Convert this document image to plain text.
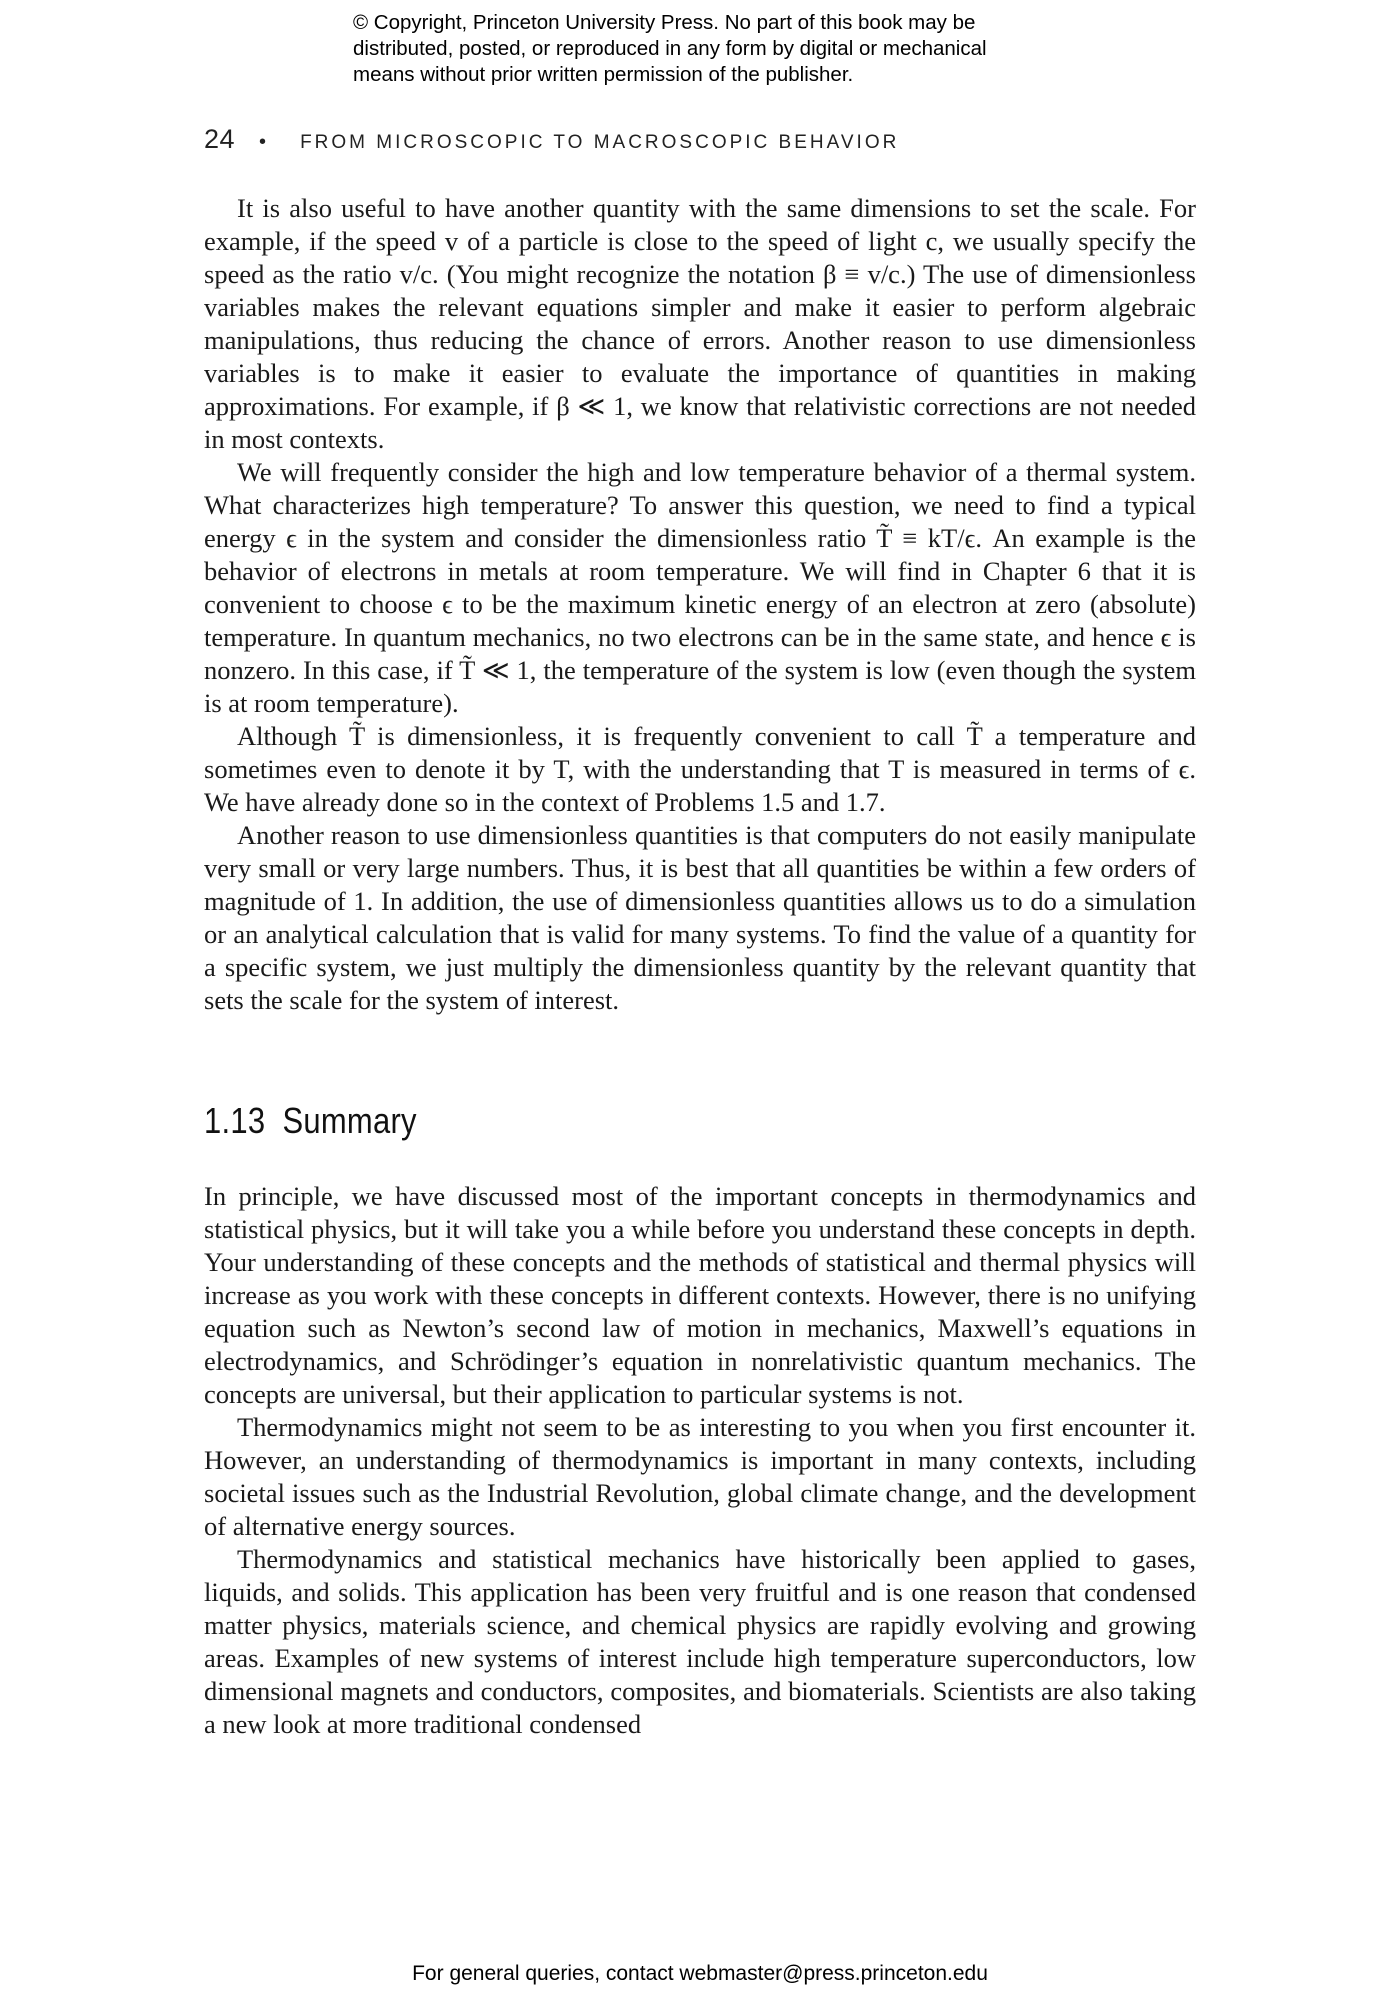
© Copyright, Princeton University Press. No part of this book may be
distributed, posted, or reproduced in any form by digital or mechanical
means without prior written permission of the publisher.
24 • FROM MICROSCOPIC TO MACROSCOPIC BEHAVIOR

It is also useful to have another quantity with the same dimensions to set the scale. For example, if the speed v of a particle is close to the speed of light c, we usually specify the speed as the ratio v/c. (You might recognize the notation β ≡ v/c.) The use of dimensionless variables makes the relevant equations simpler and make it easier to perform algebraic manipulations, thus reducing the chance of errors. Another reason to use dimensionless variables is to make it easier to evaluate the importance of quantities in making approximations. For example, if β ≪ 1, we know that relativistic corrections are not needed in most contexts.

We will frequently consider the high and low temperature behavior of a thermal system. What characterizes high temperature? To answer this question, we need to find a typical energy ϵ in the system and consider the dimensionless ratio T̃ ≡ kT/ϵ. An example is the behavior of electrons in metals at room temperature. We will find in Chapter 6 that it is convenient to choose ϵ to be the maximum kinetic energy of an electron at zero (absolute) temperature. In quantum mechanics, no two electrons can be in the same state, and hence ϵ is nonzero. In this case, if T̃ ≪ 1, the temperature of the system is low (even though the system is at room temperature).

Although T̃ is dimensionless, it is frequently convenient to call T̃ a temperature and sometimes even to denote it by T, with the understanding that T is measured in terms of ϵ. We have already done so in the context of Problems 1.5 and 1.7.

Another reason to use dimensionless quantities is that computers do not easily manipulate very small or very large numbers. Thus, it is best that all quantities be within a few orders of magnitude of 1. In addition, the use of dimensionless quantities allows us to do a simulation or an analytical calculation that is valid for many systems. To find the value of a quantity for a specific system, we just multiply the dimensionless quantity by the relevant quantity that sets the scale for the system of interest.

1.13 Summary

In principle, we have discussed most of the important concepts in thermodynamics and statistical physics, but it will take you a while before you understand these concepts in depth. Your understanding of these concepts and the methods of statistical and thermal physics will increase as you work with these concepts in different contexts. However, there is no unifying equation such as Newton’s second law of motion in mechanics, Maxwell’s equations in electrodynamics, and Schrödinger’s equation in nonrelativistic quantum mechanics. The concepts are universal, but their application to particular systems is not.

Thermodynamics might not seem to be as interesting to you when you first encounter it. However, an understanding of thermodynamics is important in many contexts, including societal issues such as the Industrial Revolution, global climate change, and the development of alternative energy sources.

Thermodynamics and statistical mechanics have historically been applied to gases, liquids, and solids. This application has been very fruitful and is one reason that condensed matter physics, materials science, and chemical physics are rapidly evolving and growing areas. Examples of new systems of interest include high temperature superconductors, low dimensional magnets and conductors, composites, and biomaterials. Scientists are also taking a new look at more traditional condensed

For general queries, contact webmaster@press.princeton.edu
